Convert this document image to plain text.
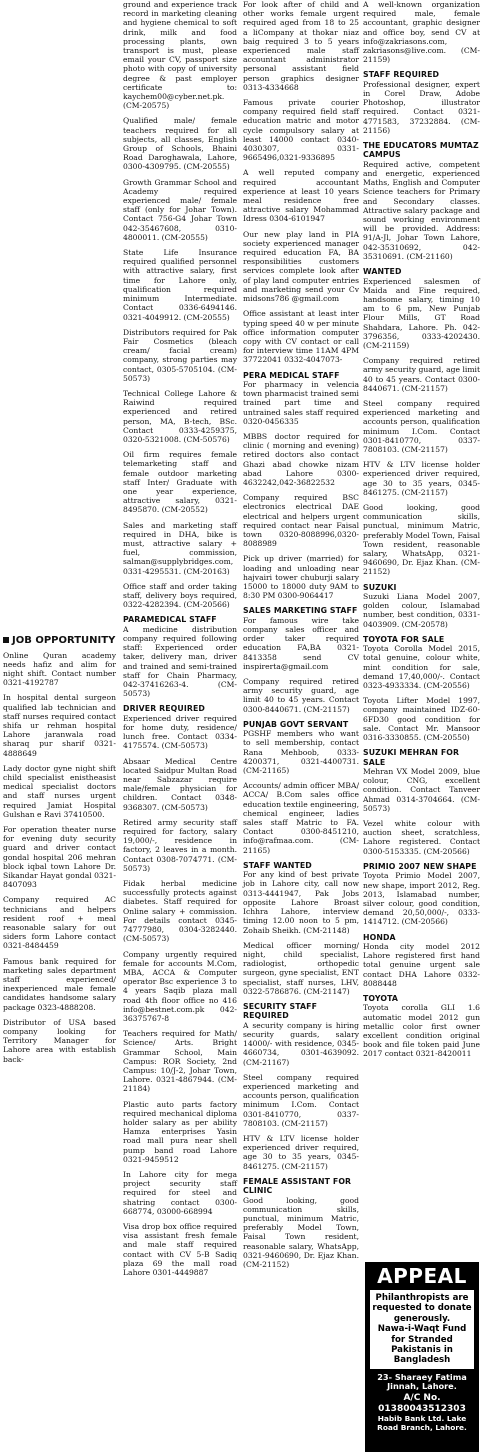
JOB OPPORTUNITY
Online Quran academy needs hafiz and alim for night shift. Contact number 0321-4192787
In hospital dental surgeon qualified lab technician and staff nurses required contact shifa ur rehman hospital Lahore jaranwala road sharaq pur sharif 0321-4888649
Lady doctor gyne night shift child specialist enistheasist medical specialist doctors and staff nurses urgent required Jamiat Hospital Gulshan e Ravi 37410500.
For operation theater nurse for evening duty security guard and driver contact gondal hospital 206 mehran block iqbal town Lahore Dr. Sikandar Hayat gondal 0321-8407093
Company required AC technicians and helpers resident roof + meal reasonable salary for out siders form Lahore contact 0321-8484459
Famous bank required for marketing sales department staff experienced/ inexperienced male female candidates handsome salary package 0323-4888208.
Distributor of USA based company looking for Territory Manager for Lahore area with establish back-
ground and experience track record in marketing cleaning and hygiene chemical to soft drink, milk and food processing plants, own transport is must, please email your CV, passport size photo with copy of university degree & past employer certificate to: kaychem00@cyber.net.pk. (CM-20575)
Qualified male/ female teachers required for all subjects, all classes, English Group of Schools, Bhaini Road Daroghawala, Lahore, 0300-4309795. (CM-20555)
Growth Grammar School and Academy required experienced male/ female staff (only for Johar Town). Contact 756-G4 Johar Town 042-35467608, 0310-4800011. (CM-20555)
State Life Insurance required qualified personnel with attractive salary, first time for Lahore only, qualification required minimum Intermediate. Contact 0336-6494146. 0321-4049912. (CM-20555)
Distributors required for Pak Fair Cosmetics (bleach cream/ facial cream) company, strong parties may contact, 0305-5705104. (CM-50573)
Technical College Lahore & Raiwind required experienced and retired person, MA, B-tech, BSc. Contact 0333-4259375, 0320-5321008. (CM-50576)
Oil firm requires female telemarketing staff and female outdoor marketing staff Inter/ Graduate with one year experience, attractive salary, 0321-8495870. (CM-20552)
Sales and marketing staff required in DHA, bike is must, attractive salary + fuel, commission, salman@supplybridges.com, 0331-4295531. (CM-20163)
Office staff and order taking staff, delivery boys required, 0322-4282394. (CM-20566)
PARAMEDICAL STAFF
A medicine distribution company required following staff: Experienced order taker, delivery man, driver and trained and semi-trained staff for Chain Pharmacy, 042-37416263-4. (CM-50573)
DRIVER REQUIRED
Experienced driver required for home duty, residence/ lunch free. Contact 0334-4175574. (CM-50573)
Absaar Medical Centre located Saidpur Multan Road near Sabzazar require male/female physician for children. Contact 0348-9368307. (CM-50573)
Retired army security staff required for factory, salary 19,000/-, residence in factory, 2 leaves in a month. Contact 0308-7074771. (CM-50573)
Fidak herbal medicine successfully protects against diabetes. Staff required for Online salary + commission. For details contact 0345-74777980, 0304-3282440. (CM-50573)
Company urgently required female for accounts M.Com, MBA, ACCA & Computer operator Bsc experience 3 to 4 years Saqib plaza mall road 4th floor office no 416 info@bestnet.com.pk 042-36375767-8
Teachers required for Math/ Science/ Arts. Bright Grammar School, Main Campus: ROR Society, 2nd Campus: 10/J-2, Johar Town, Lahore. 0321-4867944. (CM-21184)
Plastic auto parts factory required mechanical diploma holder salary as per ability Hamza enterprises Yasin road mall pura near shell pump band road Lahore 0321-9459512
In Lahore city for mega project security staff required for steel and shatring contact 0300-668774, 03000-668994
Visa drop box office required visa assistant fresh female and male staff required contact with CV 5-B Sadiq plaza 69 the mall road Lahore 0301-4449887
For look after of child and other works female urgent required aged from 18 to 25 a liCompany at thokar niaz baig required 3 to 5 years experienced male staff accountant administrator personal assistant field person graphics designer 0313-4334668
Famous private courier company required field staff education matric and motor cycle compulsory salary at least 14000 contact 0340-4030307, 0331-9665496,0321-9336895
A well reputed company required accountant experience at least 10 years meal residence free attractive salary Mohammad Idress 0304-6101947
Our new play land in PIA society experienced manager required education FA, BA responsibilities customers services complete look after of play land computer entries and marketing send your Cv midsons786 @gmail.com
Office assistant at least inter typing speed 40 w per minute office information computer copy with CV contact or call for interview time 11AM 4PM 37722041 0332-4047073-
PERA MEDICAL STAFF
For pharmacy in velencia town pharmacist trained semi trained part time and untrained sales staff required 0320-0456335
MBBS doctor required for clinic ( morning and evening) retired doctors also contact Ghazi abad chowke nizam abad Lahore 0300-4632242,042-36822532
Company required BSC electronics electrical DAE electrical and helpers urgent required contact near Faisal town 0320-8088996,0320-8088989
Pick up driver (married) for loading and unloading near hajvairi tower chuburji salary 15000 to 18000 duty 9AM to 8:30 PM 0300-9064417
SALES MARKETING STAFF
For famous wire take company sales officer and order taker required education FA,BA 0321-8413358 send CV inspirerta@gmail.com
Company required retired army security guard, age limit 40 to 45 years. Contact 0300-8440671. (CM-21157)
PUNJAB GOVT SERVANT
PGSHF members who want to sell membership, contact Rana Mehboob, 0333-4200371, 0321-4400731. (CM-21165)
Accounts/ admin officer MBA/ ACCA/ B.Com sales office education textile engineering, chemical engineer, ladies sales staff Matric to FA. Contact 0300-8451210, info@rafmaa.com. (CM-21165)
STAFF WANTED
For any kind of best private job in Lahore city, call now 0313-4441947, Pak Jobs opposite Lahore Broast Ichhra Lahore, interview timing 12.00 noon to 5 pm, Zohaib Sheikh. (CM-21148)
Medical officer morning/ night, child specialist, radiologist, orthopedic surgeon, gyne specialist, ENT specialist, staff nurses, LHV, 0322-5786876. (CM-21147)
SECURITY STAFF REQUIRED
A security company is hiring security guards, salary 14000/- with residence, 0345-4660734, 0301-4639092. (CM-21167)
Steel company required experienced marketing and accounts person, qualification minimum I.Com. Contact 0301-8410770, 0337-7808103. (CM-21157)
HTV & LTV license holder experienced driver required, age 30 to 35 years, 0345-8461275. (CM-21157)
FEMALE ASSISTANT FOR CLINIC
Good looking, good communication skills, punctual, minimum Matric, preferably Model Town, Faisal Town resident, reasonable salary, WhatsApp, 0321-9460690, Dr. Ejaz Khan. (CM-21152)
A well-known organization required male, female accountant, graphic designer and office boy, send CV at info@zakriasons.com, zakriasons@live.com. (CM-21159)
STAFF REQUIRED
Professional designer, expert in Corel Draw, Adobe Photoshop, illustrator required. Contact 0321-4771583, 37232884. (CM-21156)
THE EDUCATORS MUMTAZ CAMPUS
Required active, competent and energetic, experienced Maths, English and Computer Science teachers for Primary and Secondary classes. Attractive salary package and sound working environment will be provided. Address: 91/A-Jl, Johar Town Lahore, 042-35310692, 042-35310691. (CM-21160)
WANTED
Experienced salesmen of Maida and Fine required, handsome salary, timing 10 am to 6 pm, New Punjab Flour Mills, GT Road Shahdara, Lahore. Ph. 042-3796356, 0333-4202430. (CM-21159)
Company required retired army security guard, age limit 40 to 45 years. Contact 0300-8440671. (CM-21157)
Steel company required experienced marketing and accounts person, qualification minimum I.Com. Contact 0301-8410770, 0337-7808103. (CM-21157)
HTV & LTV license holder experienced driver required, age 30 to 35 years, 0345-8461275. (CM-21157)
Good looking, good communication skills, punctual, minimum Matric, preferably Model Town, Faisal Town resident, reasonable salary, WhatsApp, 0321-9460690, Dr. Ejaz Khan. (CM-21152)
SUZUKI
Suzuki Liana Model 2007, golden colour, Islamabad number, best condition, 0331-0403909. (CM-20578)
TOYOTA FOR SALE
Toyota Corolla Model 2015, total genuine, colour white, mint condition for sale, demand 17,40,000/-. Contact 0323-4933334. (CM-20556)
Toyota Lifter Model 1997, company maintained IDZ-60-6FD30 good condition for sale. Contact Mr. Mansoor 0316-3330855. (CM-20550)
SUZUKI MEHRAN FOR SALE
Mehran VX Model 2009, blue colour, CNG, excellent condition. Contact Tanveer Ahmad 0314-3704664. (CM-50573)
Vezel white colour with auction sheet, scratchless, Lahore registered. Contact 0300-5153335. (CM-20566)
PRIMIO 2007 NEW SHAPE
Toyota Primio Model 2007, new shape, import 2012, Reg. 2013, Islamabad number, silver colour, good condition, demand 20,50,000/-, 0333-1414712. (CM-20566)
HONDA
Honda city model 2012 Lahore registered first hand total genuine urgent sale contact DHA Lahore 0332-8088448
TOYOTA
Toyota corolla GLI 1.6 automatic model 2012 gun metallic color first owner excellent condition original book and file token paid June 2017 contact 0321-8420011
APPEAL
Philanthropists are requested to donate generously.
Nawa-i-Waqt Fund for Stranded Pakistanis in Bangladesh
23- Sharaey Fatima
Jinnah, Lahore.
A/C No.
01380043512303
Habib Bank Ltd. Lake
Road Branch, Lahore.
